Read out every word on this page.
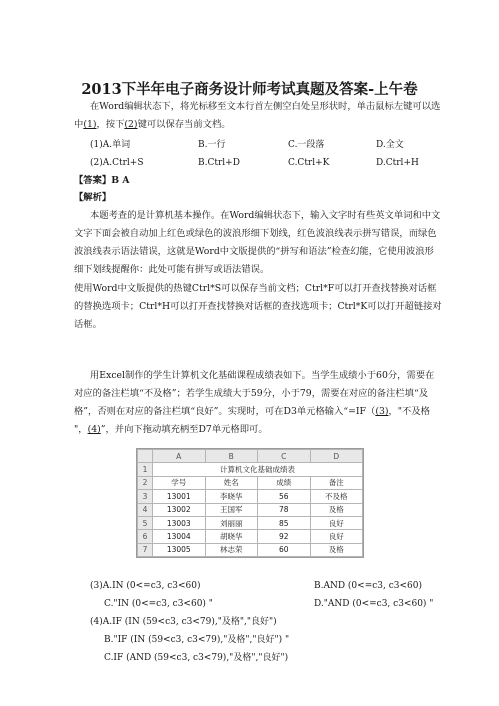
2013下半年电子商务设计师考试真题及答案-上午卷
在Word编辑状态下，将光标移至文本行首左侧空白处呈形状时，单击鼠标左键可以选
中(1)，按下(2)键可以保存当前文档。
(1)A.单词	B.一行	C.一段落	D.全文
(2)A.Ctrl+S	B.Ctrl+D	C.Ctrl+K	D.Ctrl+H
【答案】B A
【解析】
本题考查的是计算机基本操作。在Word编辑状态下，输入文字时有些英文单词和中文
文字下面会被自动加上红色或绿色的波浪形细下划线，红色波浪线表示拼写错误，而绿色
波浪线表示语法错误，这就是Word中文版提供的“拼写和语法”检查幻能，它使用波浪形
细下划线提醒你：此处可能有拼写或语法错误。
使用Word中文版提供的热键Ctrl*S可以保存当前文档；Ctrl*F可以打开查找替换对话框
的替换选项卡；Ctrl*H可以打开查找替换对话框的查找选项卡；Ctrl*K可以打开超链接对
话框。
用Excel制作的学生计算机文化基础课程成绩表如下。当学生成绩小于60分，需要在
对应的备注栏填“不及格”；若学生成绩大于59分，小于79，需要在对应的备注栏填“及
格”，否则在对应的备注栏填“良好”。实现时，可在D3单元格输入“=IF（(3)，"不及格
"，(4)”，并向下拖动填充柄至D7单元格即可。
	A	B	C	D
1	计算机文化基础成绩表			
2	学号	姓名	成绩	备注
3	13001	李晓华	56	不及格
4	13002	王国军	78	及格
5	13003	刘丽丽	85	良好
6	13004	胡晓华	92	良好
7	13005	林志荣	60	及格
(3)A.IN (0<=c3, c3<60)	B.AND (0<=c3, c3<60)
C."IN (0<=c3, c3<60) "	D."AND (0<=c3, c3<60) "
(4)A.IF (IN (59<c3, c3<79),"及格","良好")
B."IF (IN (59<c3, c3<79),"及格","良好") "
C.IF (AND (59<c3, c3<79),"及格","良好")
